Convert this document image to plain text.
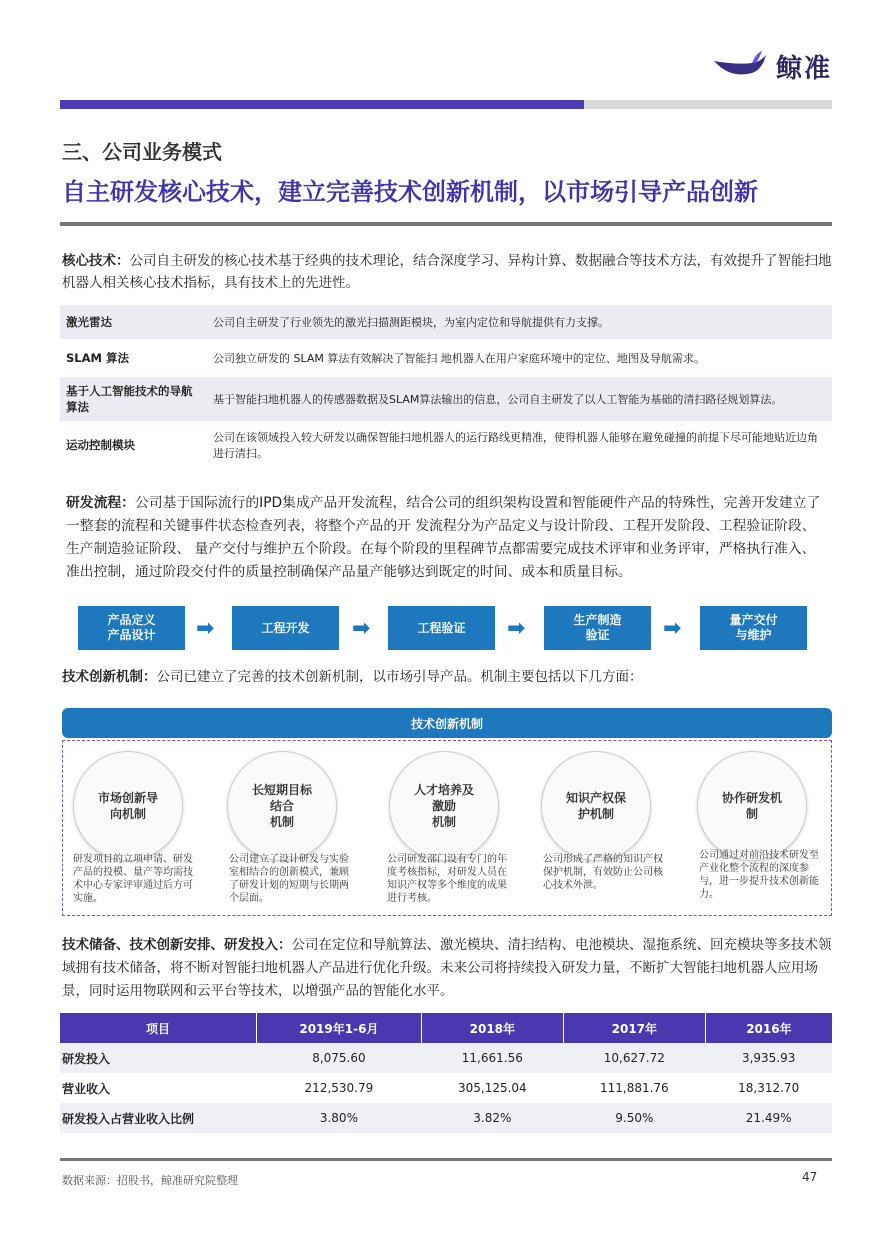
鲸准
三、公司业务模式
自主研发核心技术，建立完善技术创新机制，以市场引导产品创新
核心技术：公司自主研发的核心技术基于经典的技术理论，结合深度学习、异构计算、数据融合等技术方法，有效提升了智能扫地机器人相关核心技术指标，具有技术上的先进性。
激光雷达	公司自主研发了行业领先的激光扫描测距模块，为室内定位和导航提供有力支撑。
SLAM 算法	公司独立研发的 SLAM 算法有效解决了智能扫 地机器人在用户家庭环境中的定位、地图及导航需求。
基于人工智能技术的导航算法	基于智能扫地机器人的传感器数据及SLAM算法输出的信息，公司自主研发了以人工智能为基础的清扫路径规划算法。
运动控制模块	公司在该领域投入较大研发以确保智能扫地机器人的运行路线更精准，使得机器人能够在避免碰撞的前提下尽可能地贴近边角进行清扫。
研发流程：公司基于国际流行的IPD集成产品开发流程，结合公司的组织架构设置和智能硬件产品的特殊性，完善开发建立了一整套的流程和关键事件状态检查列表，将整个产品的开 发流程分为产品定义与设计阶段、工程开发阶段、工程验证阶段、生产制造验证阶段、 量产交付与维护五个阶段。在每个阶段的里程碑节点都需要完成技术评审和业务评审，严格执行准入、准出控制，通过阶段交付件的质量控制确保产品量产能够达到既定的时间、成本和质量目标。
产品定义
产品设计	➡	工程开发	➡	工程验证	➡	生产制造
验证	➡	量产交付
与维护
技术创新机制：公司已建立了完善的技术创新机制，以市场引导产品。机制主要包括以下几方面：
技术创新机制
市场创新导
向机制
研发项目的立项申请、研发产品的投模、量产等均需技术中心专家评审通过后方可实施。
长短期目标
结合
机制
公司建立了设计研发与实验室相结合的创新模式，兼顾了研发计划的短期与长期两个层面。
人才培养及
激励
机制
公司研发部门设有专门的年度考核指标，对研发人员在知识产权等多个维度的成果进行考核。
知识产权保
护机制
公司形成了严格的知识产权保护机制，有效防止公司核心技术外泄。
协作研发机
制
公司通过对前沿技术研发至产业化整个流程的深度参与，进一步提升技术创新能力。
技术储备、技术创新安排、研发投入：公司在定位和导航算法、激光模块、清扫结构、电池模块、湿拖系统、回充模块等多技术领域拥有技术储备，将不断对智能扫地机器人产品进行优化升级。未来公司将持续投入研发力量，不断扩大智能扫地机器人应用场景，同时运用物联网和云平台等技术，以增强产品的智能化水平。
项目	2019年1-6月	2018年	2017年	2016年
研发投入	8,075.60	11,661.56	10,627.72	3,935.93
营业收入	212,530.79	305,125.04	111,881.76	18,312.70
研发投入占营业收入比例	3.80%	3.82%	9.50%	21.49%
数据来源：招股书，鲸准研究院整理	47
